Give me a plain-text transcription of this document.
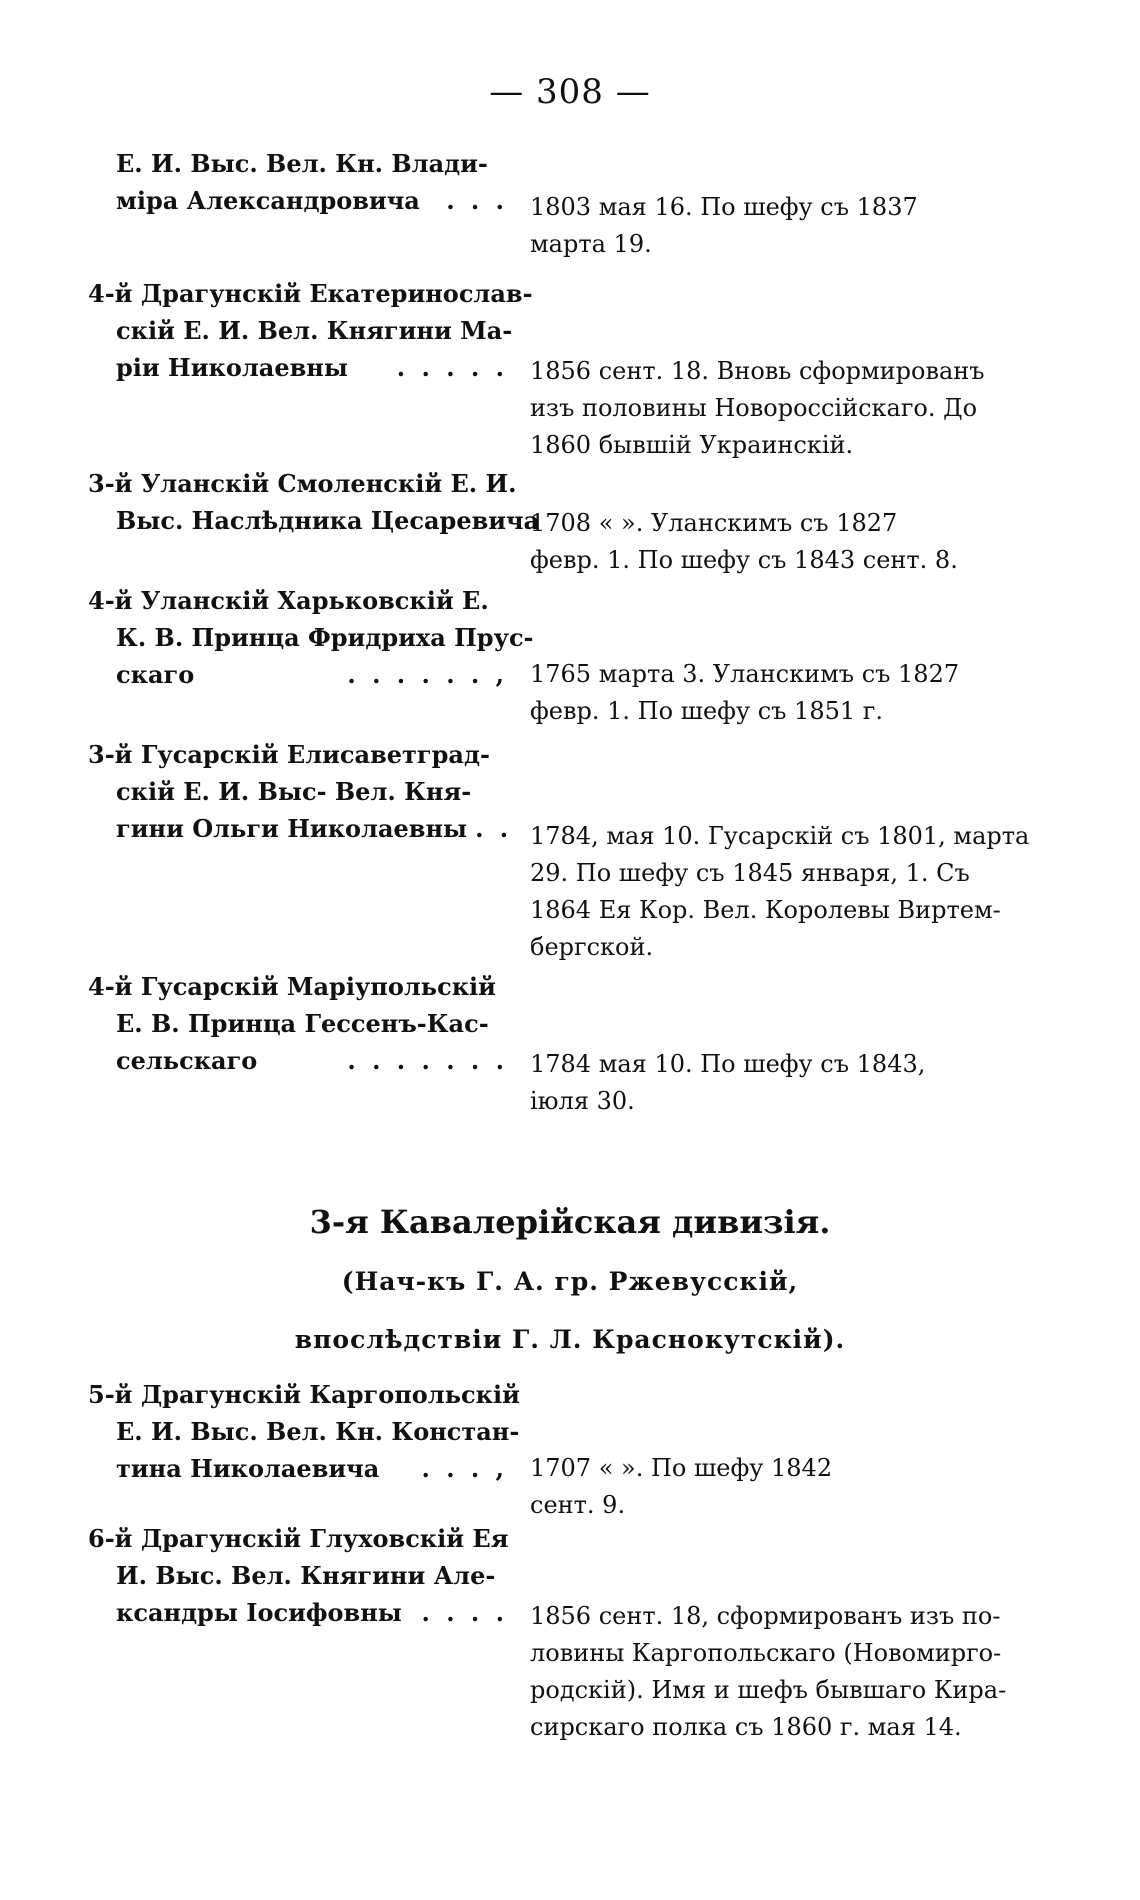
— 308 —
Е. И. Выс. Вел. Кн. Влади-
міра Александровича	. . . 1803 мая 16. По шефу съ 1837
марта 19.
4-й Драгунскій Екатеринослав-
скій Е. И. Вел. Княгини Ма-
ріи Николаевны	. . . . . 1856 сент. 18. Вновь сформированъ
изъ половины Новороссійскаго. До
1860 бывшій Украинскій.
3-й Уланскій Смоленскій Е. И.
Выс. Наслѣдника Цесаревича
1708 « ». Уланскимъ съ 1827
февр. 1. По шефу съ 1843 сент. 8.
4-й Уланскій Харьковскій Е.
К. В. Принца Фридриха Прус-
скаго	. . . . . . , 1765 марта 3. Уланскимъ съ 1827
февр. 1. По шефу съ 1851 г.
3-й Гусарскій Елисаветград-
скій Е. И. Выс- Вел. Кня-
гини Ольги Николаевны . . 1784, мая 10. Гусарскій съ 1801, марта
29. По шефу съ 1845 января, 1. Съ
1864 Ея Кор. Вел. Королевы Виртем-
бергской.
4-й Гусарскій Маріупольскій
Е. В. Принца Гессенъ-Кас-
сельскаго	. . . . . . . 1784 мая 10. По шефу съ 1843,
іюля 30.
3-я Кавалерійская дивизія.
(Нач-къ Г. А. гр. Ржевусскій,
впослѣдствіи Г. Л. Краснокутскій).
5-й Драгунскій Каргопольскій
Е. И. Выс. Вел. Кн. Констан-
тина Николаевича	. . . , 1707 « ». По шефу 1842
сент. 9.
6-й Драгунскій Глуховскій Ея
И. Выс. Вел. Княгини Але-
ксандры Іосифовны . . . . 1856 сент. 18, сформированъ изъ по-
ловины Каргопольскаго (Новомирго-
родскій). Имя и шефъ бывшаго Кира-
сирскаго полка съ 1860 г. мая 14.
